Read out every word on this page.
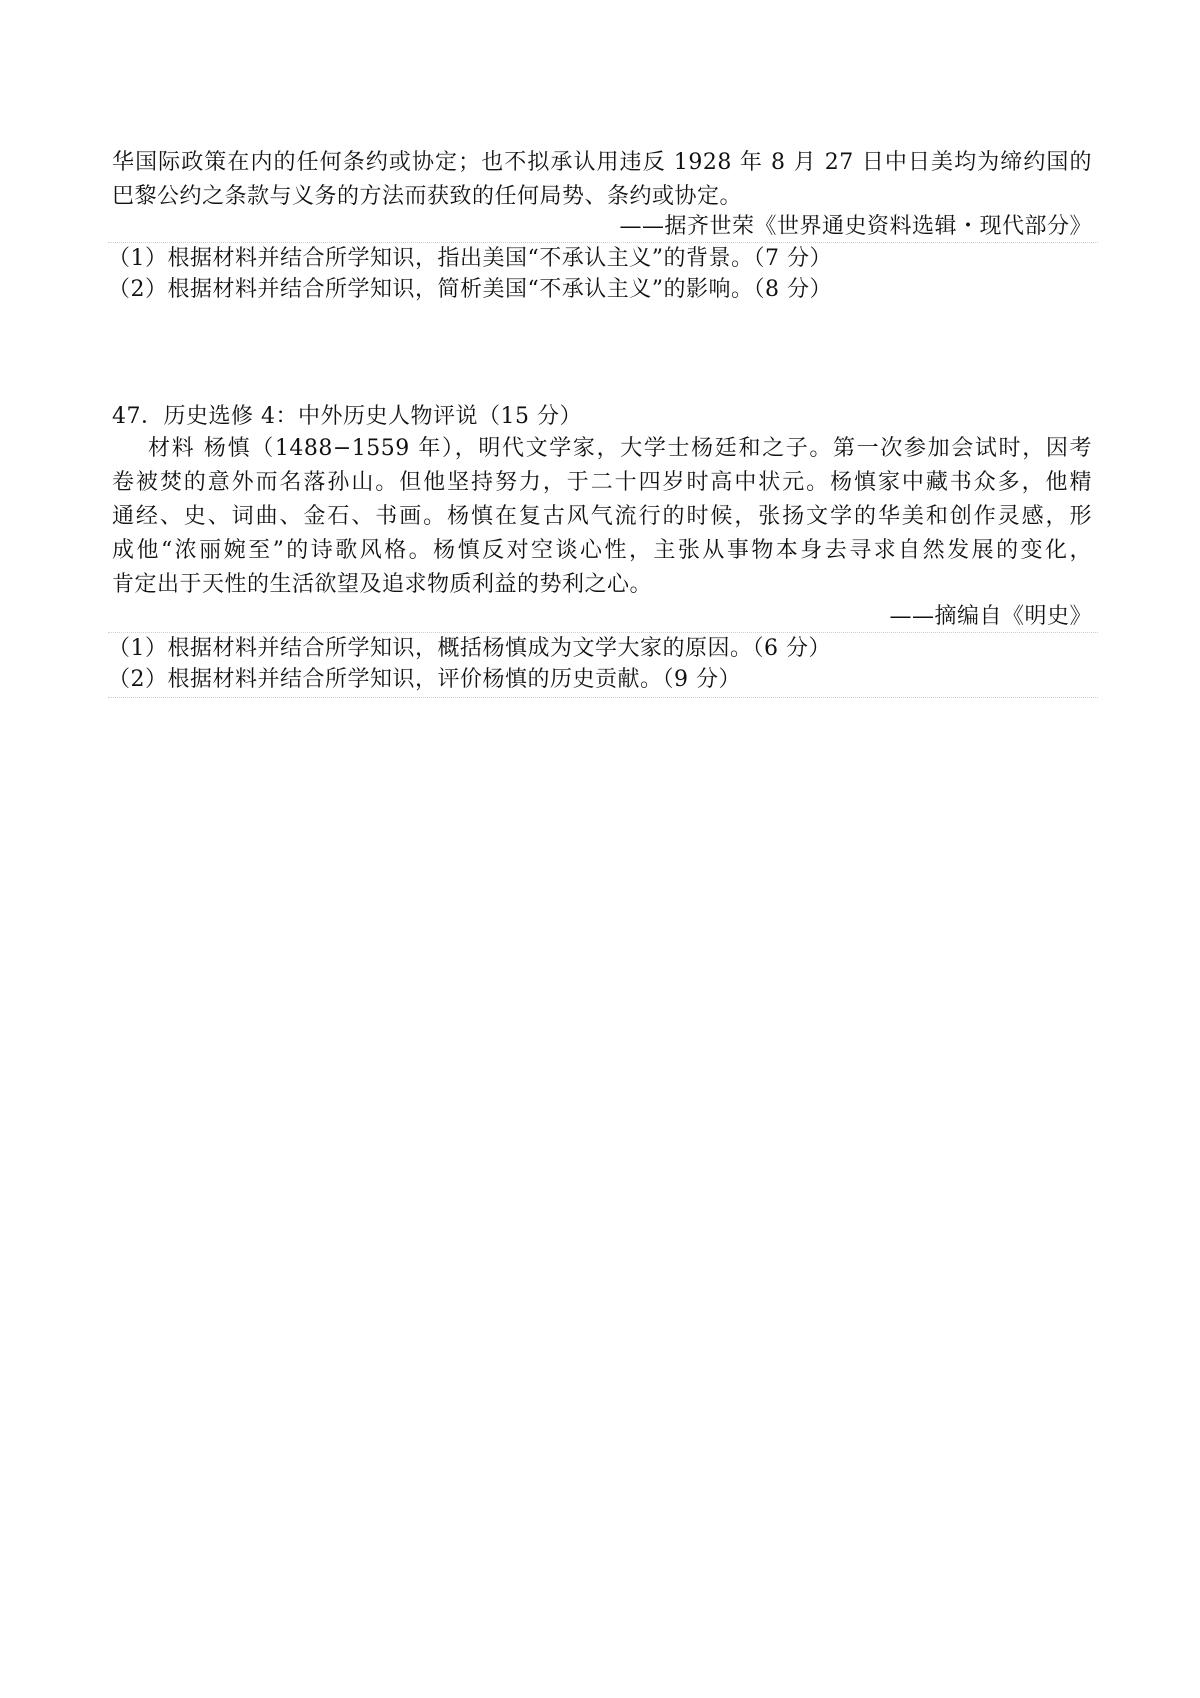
华国际政策在内的任何条约或协定；也不拟承认用违反 1928 年 8 月 27 日中日美均为缔约国的
巴黎公约之条款与义务的方法而获致的任何局势、条约或协定。
——据齐世荣《世界通史资料选辑・现代部分》
（1）根据材料并结合所学知识，指出美国“不承认主义”的背景。（7 分）
（2）根据材料并结合所学知识，简析美国“不承认主义”的影响。（8 分）
47．历史选修 4：中外历史人物评说（15 分）
材料 杨慎（1488−1559 年），明代文学家，大学士杨廷和之子。第一次参加会试时，因考
卷被焚的意外而名落孙山。但他坚持努力，于二十四岁时高中状元。杨慎家中藏书众多，他精
通经、史、词曲、金石、书画。杨慎在复古风气流行的时候，张扬文学的华美和创作灵感，形
成他“浓丽婉至”的诗歌风格。杨慎反对空谈心性，主张从事物本身去寻求自然发展的变化，
肯定出于天性的生活欲望及追求物质利益的势利之心。
——摘编自《明史》
（1）根据材料并结合所学知识，概括杨慎成为文学大家的原因。（6 分）
（2）根据材料并结合所学知识，评价杨慎的历史贡献。（9 分）
